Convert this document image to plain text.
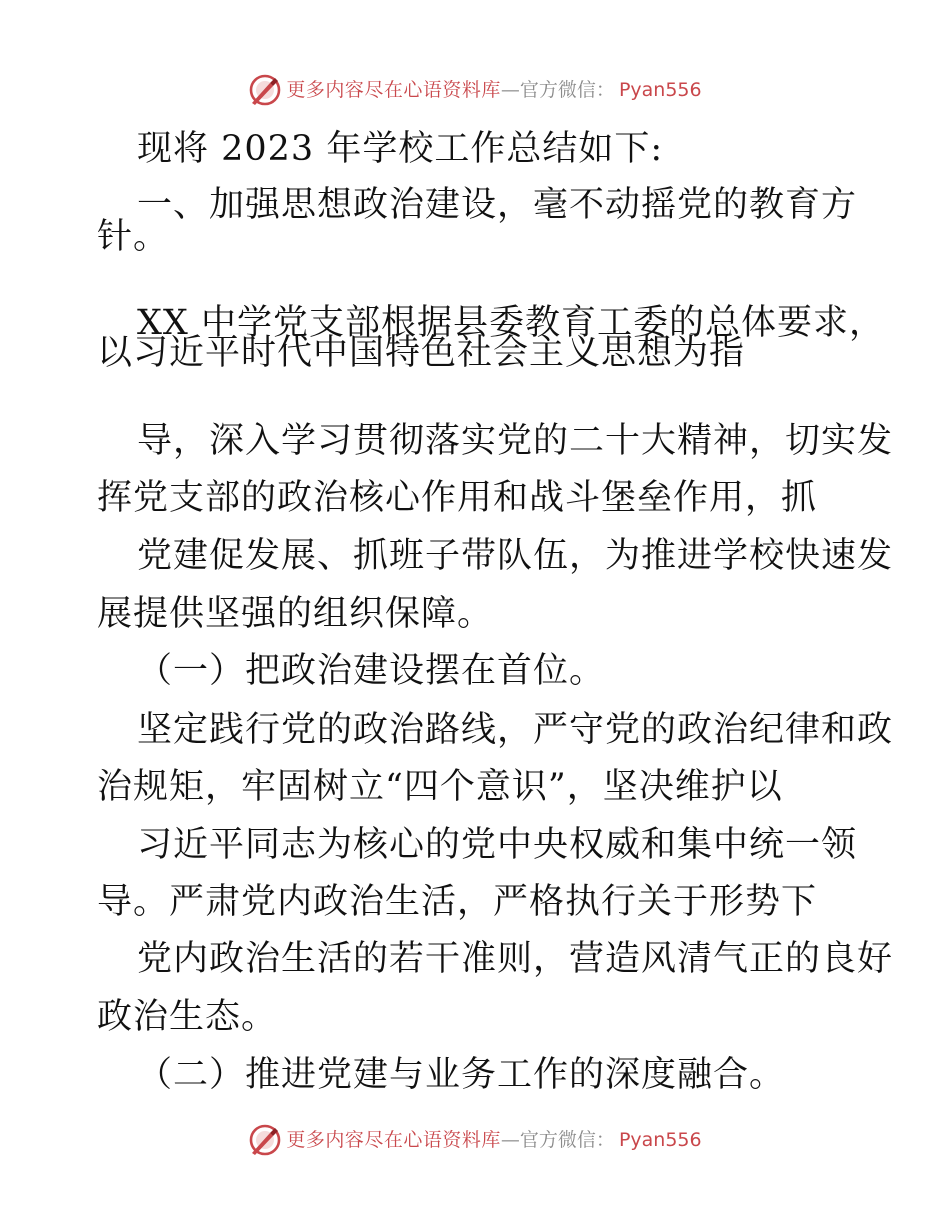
更多内容尽在心语资料库 — 官方微信： Pyan556
现将 2023 年学校工作总结如下:
一、加强思想政治建设，毫不动摇党的教育方
针。
XX 中学党支部根据县委教育工委的总体要求，
以习近平时代中国特色社会主义思想为指
导，深入学习贯彻落实党的二十大精神，切实发
挥党支部的政治核心作用和战斗堡垒作用，抓
党建促发展、抓班子带队伍，为推进学校快速发
展提供坚强的组织保障。
（一）把政治建设摆在首位。
坚定践行党的政治路线，严守党的政治纪律和政
治规矩，牢固树立“四个意识”，坚决维护以
习近平同志为核心的党中央权威和集中统一领
导。严肃党内政治生活，严格执行关于形势下
党内政治生活的若干准则，营造风清气正的良好
政治生态。
（二）推进党建与业务工作的深度融合。
更多内容尽在心语资料库 — 官方微信： Pyan556
